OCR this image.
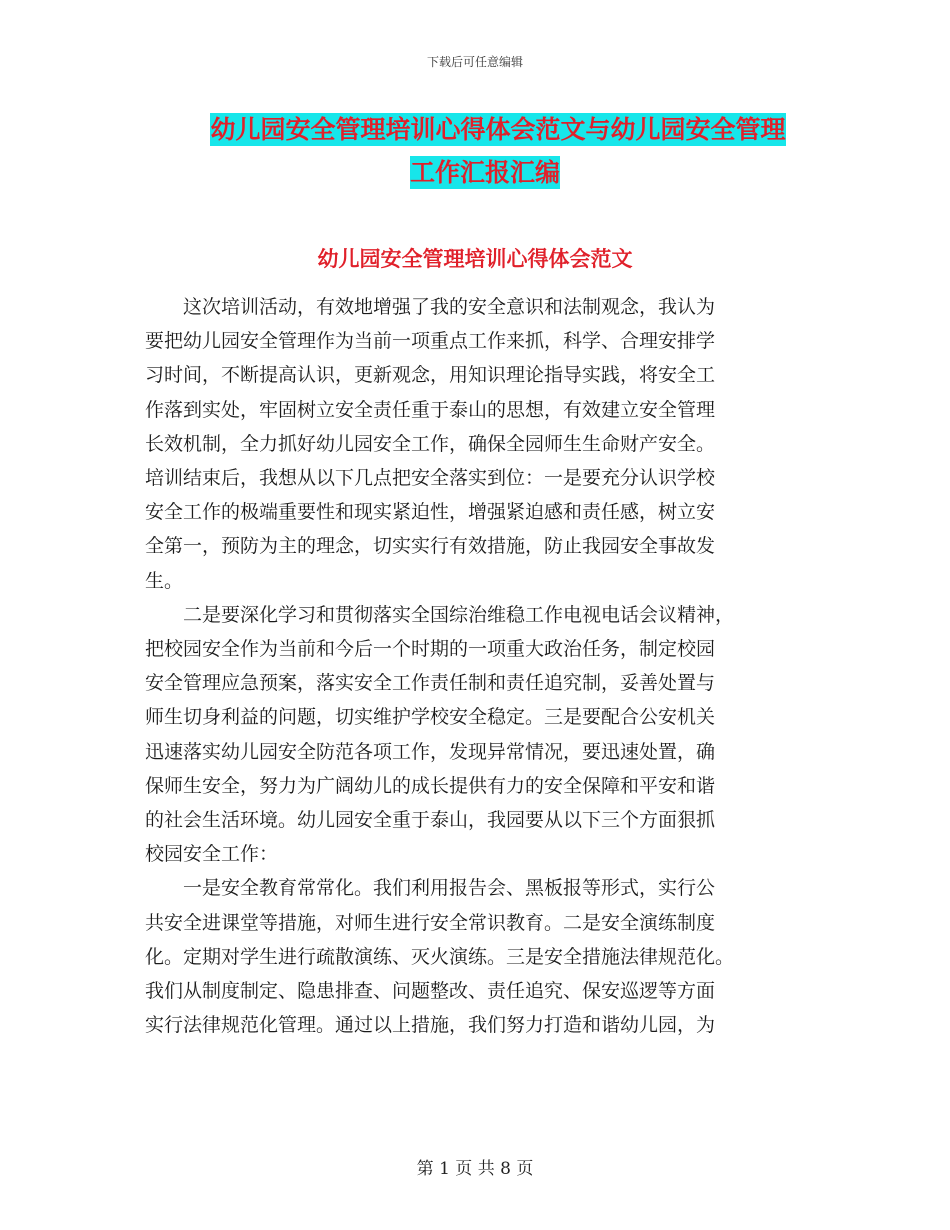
下载后可任意编辑
幼儿园安全管理培训心得体会范文与幼儿园安全管理
工作汇报汇编
幼儿园安全管理培训心得体会范文
这次培训活动，有效地增强了我的安全意识和法制观念，我认为
要把幼儿园安全管理作为当前一项重点工作来抓，科学、合理安排学
习时间，不断提高认识，更新观念，用知识理论指导实践，将安全工
作落到实处，牢固树立安全责任重于泰山的思想，有效建立安全管理
长效机制，全力抓好幼儿园安全工作，确保全园师生生命财产安全。
培训结束后，我想从以下几点把安全落实到位：一是要充分认识学校
安全工作的极端重要性和现实紧迫性，增强紧迫感和责任感，树立安
全第一，预防为主的理念，切实实行有效措施，防止我园安全事故发
生。
二是要深化学习和贯彻落实全国综治维稳工作电视电话会议精神，
把校园安全作为当前和今后一个时期的一项重大政治任务，制定校园
安全管理应急预案，落实安全工作责任制和责任追究制，妥善处置与
师生切身利益的问题，切实维护学校安全稳定。三是要配合公安机关
迅速落实幼儿园安全防范各项工作，发现异常情况，要迅速处置，确
保师生安全，努力为广阔幼儿的成长提供有力的安全保障和平安和谐
的社会生活环境。幼儿园安全重于泰山，我园要从以下三个方面狠抓
校园安全工作：
一是安全教育常常化。我们利用报告会、黑板报等形式，实行公
共安全进课堂等措施，对师生进行安全常识教育。二是安全演练制度
化。定期对学生进行疏散演练、灭火演练。三是安全措施法律规范化。
我们从制度制定、隐患排查、问题整改、责任追究、保安巡逻等方面
实行法律规范化管理。通过以上措施，我们努力打造和谐幼儿园，为
第 1 页 共 8 页
